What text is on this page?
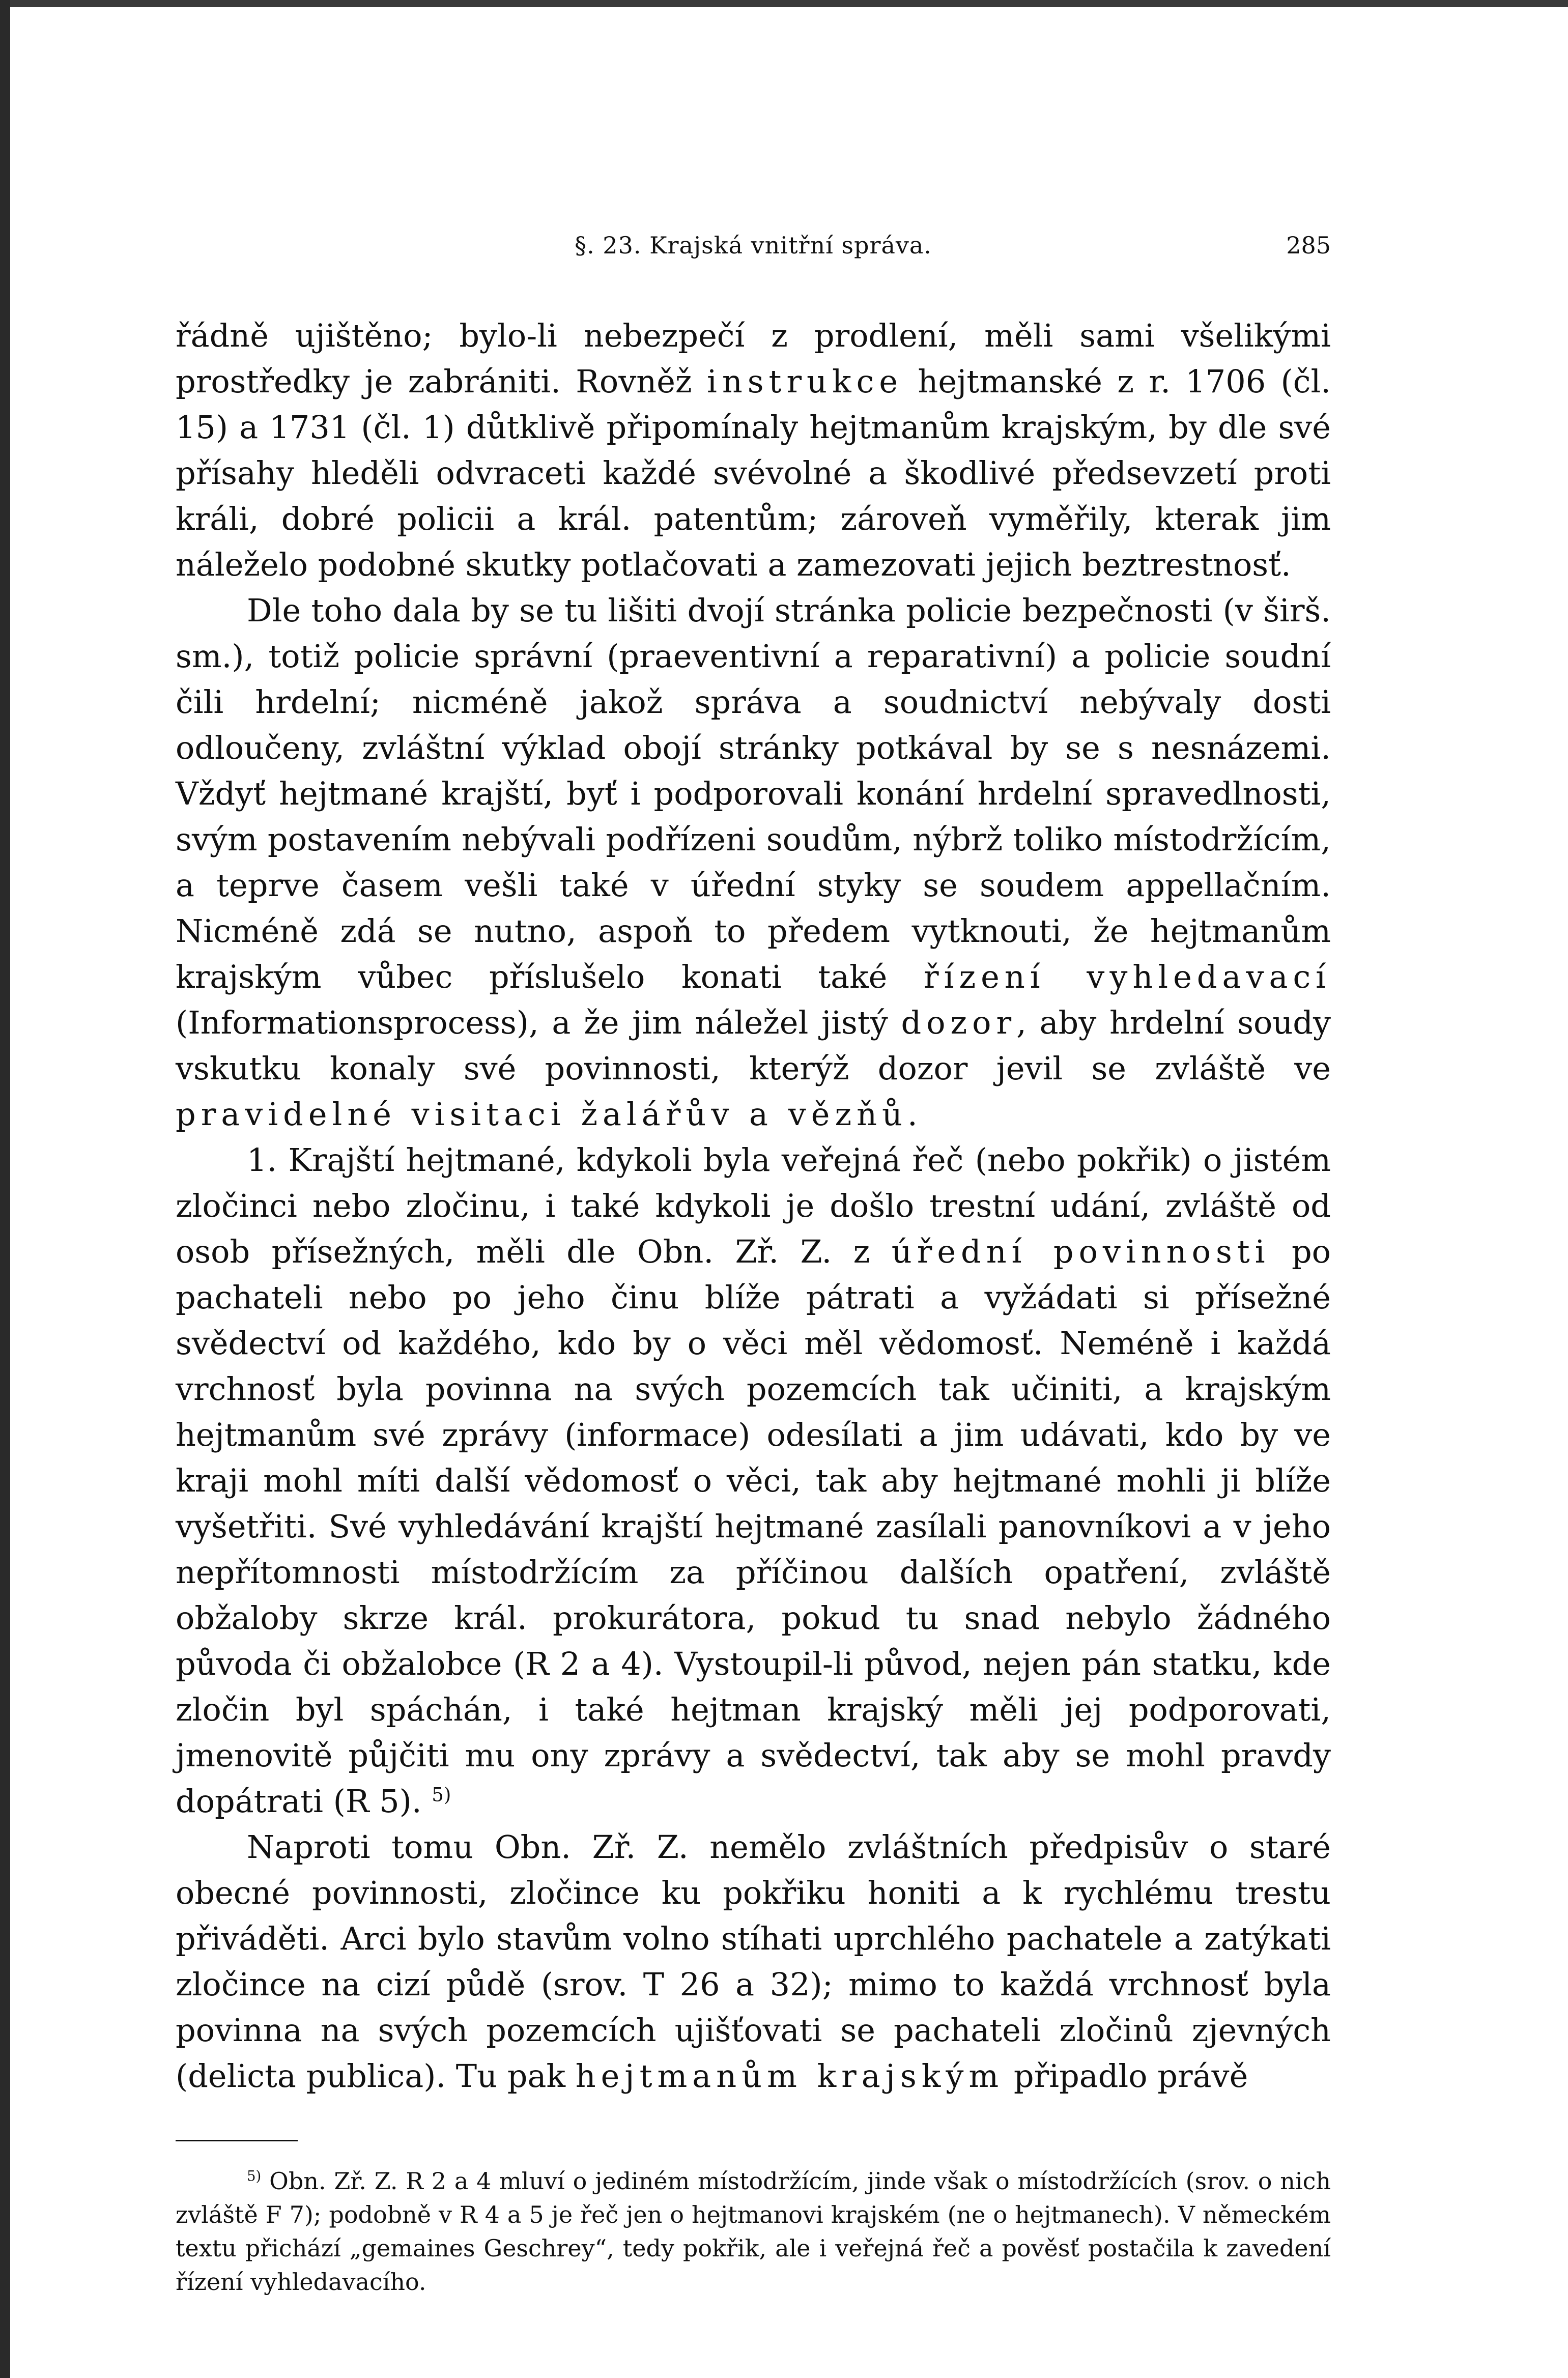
§. 23. Krajská vnitřní správa.	285

řádně ujištěno; bylo-li nebezpečí z prodlení, měli sami všelikými prostředky je zabrániti. Rovněž instrukce hejtmanské z r. 1706 (čl. 15) a 1731 (čl. 1) důtklivě připomínaly hejtmanům krajským, by dle své přísahy hleděli odvraceti každé svévolné a škodlivé předsevzetí proti králi, dobré policii a král. patentům; zároveň vyměřily, kterak jim náleželo podobné skutky potlačovati a zamezovati jejich beztrestnosť.

Dle toho dala by se tu lišiti dvojí stránka policie bezpečnosti (v širš. sm.), totiž policie správní (praeventivní a reparativní) a policie soudní čili hrdelní; nicméně jakož správa a soudnictví nebývaly dosti odloučeny, zvláštní výklad obojí stránky potkával by se s nesnázemi. Vždyť hejtmané krajští, byť i podporovali konání hrdelní spravedlnosti, svým postavením nebývali podřízeni soudům, nýbrž toliko místodržícím, a teprve časem vešli také v úřední styky se soudem appellačním. Nicméně zdá se nutno, aspoň to předem vytknouti, že hejtmanům krajským vůbec příslušelo konati také řízení vyhledavací (Informationsprocess), a že jim náležel jistý dozor, aby hrdelní soudy vskutku konaly své povinnosti, kterýž dozor jevil se zvláště ve pravidelné visitaci žalářův a vězňů.

1. Krajští hejtmané, kdykoli byla veřejná řeč (nebo pokřik) o jistém zločinci nebo zločinu, i také kdykoli je došlo trestní udání, zvláště od osob přísežných, měli dle Obn. Zř. Z. z úřední povinnosti po pachateli nebo po jeho činu blíže pátrati a vyžádati si přísežné svědectví od každého, kdo by o věci měl vědomosť. Neméně i každá vrchnosť byla povinna na svých pozemcích tak učiniti, a krajským hejtmanům své zprávy (informace) odesílati a jim udávati, kdo by ve kraji mohl míti další vědomosť o věci, tak aby hejtmané mohli ji blíže vyšetřiti. Své vyhledávání krajští hejtmané zasílali panovníkovi a v jeho nepřítomnosti místodržícím za příčinou dalších opatření, zvláště obžaloby skrze král. prokurátora, pokud tu snad nebylo žádného původa či obžalobce (R 2 a 4). Vystoupil-li původ, nejen pán statku, kde zločin byl spáchán, i také hejtman krajský měli jej podporovati, jmenovitě půjčiti mu ony zprávy a svědectví, tak aby se mohl pravdy dopátrati (R 5). $^{5)}$

Naproti tomu Obn. Zř. Z. nemělo zvláštních předpisův o staré obecné povinnosti, zločince ku pokřiku honiti a k rychlému trestu přiváděti. Arci bylo stavům volno stíhati uprchlého pachatele a zatýkati zločince na cizí půdě (srov. T 26 a 32); mimo to každá vrchnosť byla povinna na svých pozemcích ujišťovati se pachateli zločinů zjevných (delicta publica). Tu pak hejtmanům krajským připadlo právě

$^{5)}$ Obn. Zř. Z. R 2 a 4 mluví o jediném místodržícím, jinde však o místodržících (srov. o nich zvláště F 7); podobně v R 4 a 5 je řeč jen o hejtmanovi krajském (ne o hejtmanech). V německém textu přichází „gemaines Geschrey“, tedy pokřik, ale i veřejná řeč a pověsť postačila k zavedení řízení vyhledavacího.
